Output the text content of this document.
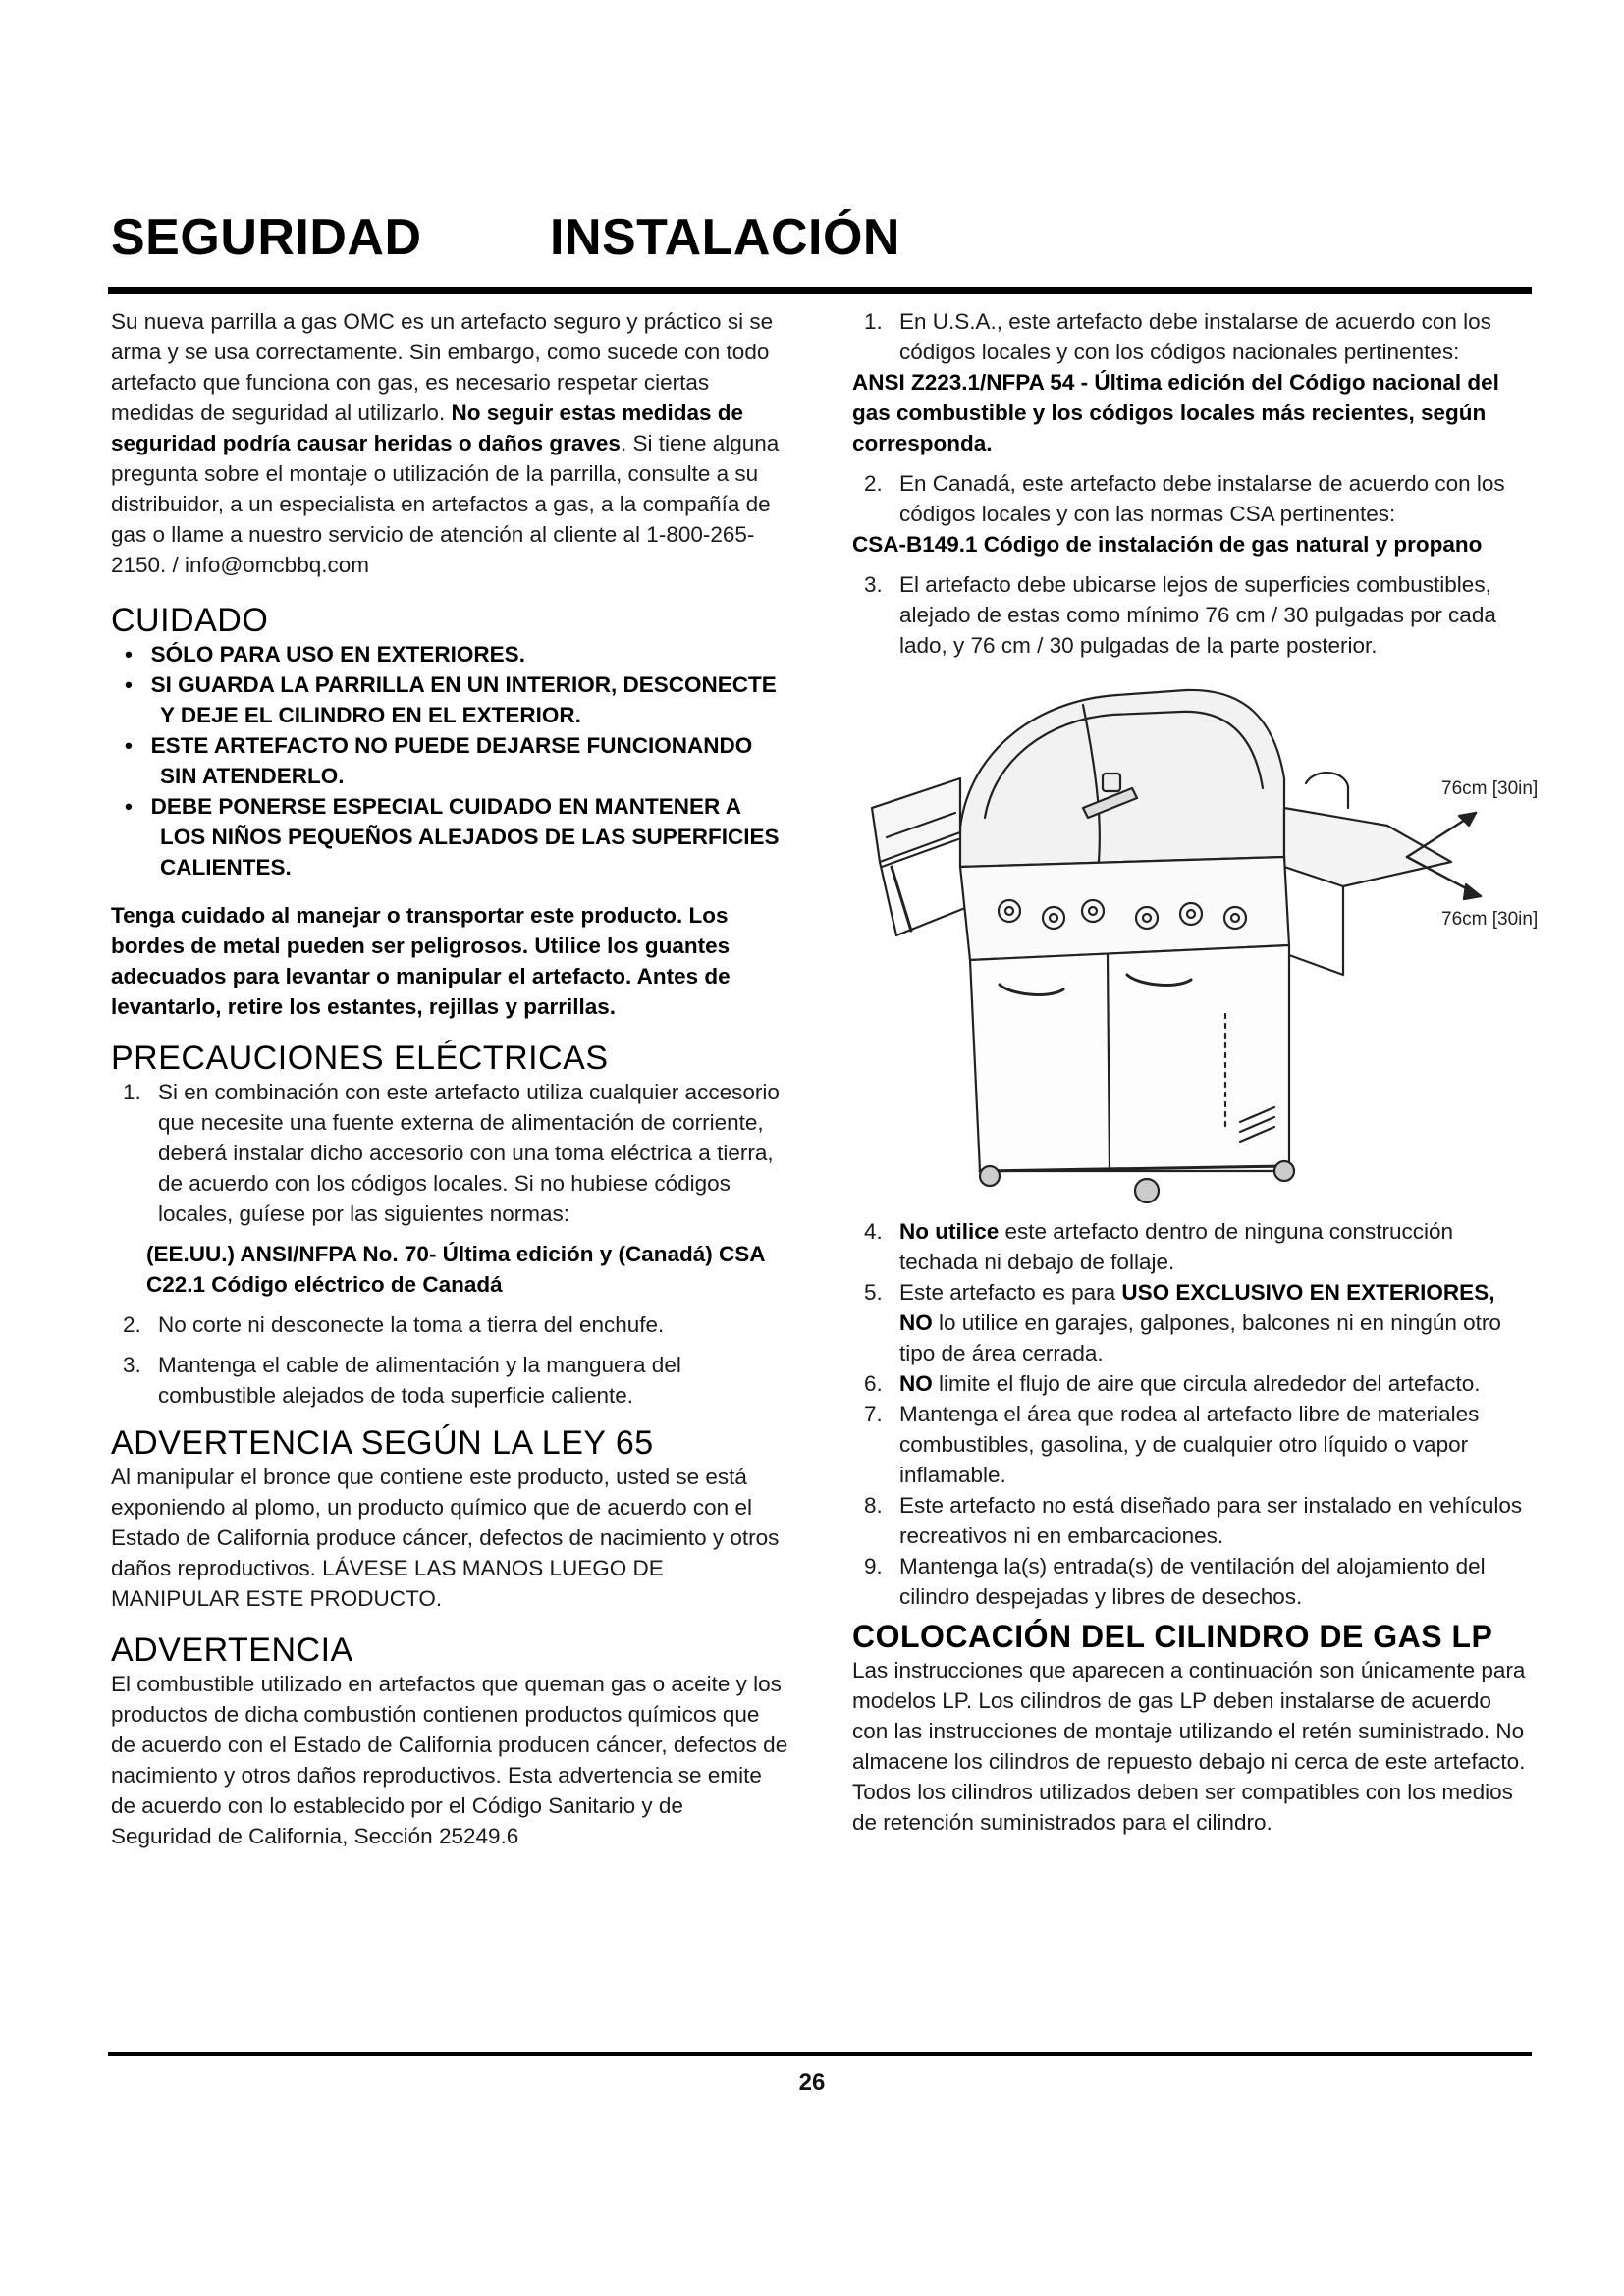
SEGURIDAD	INSTALACIÓN

Su nueva parrilla a gas OMC es un artefacto seguro y práctico si se arma y se usa correctamente. Sin embargo, como sucede con todo artefacto que funciona con gas, es necesario respetar ciertas medidas de seguridad al utilizarlo. No seguir estas medidas de seguridad podría causar heridas o daños graves. Si tiene alguna pregunta sobre el montaje o utilización de la parrilla, consulte a su distribuidor, a un especialista en artefactos a gas, a la compañía de gas o llame a nuestro servicio de atención al cliente al 1-800-265-2150. / info@omcbbq.com

CUIDADO
•   SÓLO PARA USO EN EXTERIORES.
•   SI GUARDA LA PARRILLA EN UN INTERIOR, DESCONECTE Y DEJE EL CILINDRO EN EL EXTERIOR.
•   ESTE ARTEFACTO NO PUEDE DEJARSE FUNCIONANDO SIN ATENDERLO.
•   DEBE PONERSE ESPECIAL CUIDADO EN MANTENER A LOS NIÑOS PEQUEÑOS ALEJADOS DE LAS SUPERFICIES CALIENTES.

Tenga cuidado al manejar o transportar este producto. Los bordes de metal pueden ser peligrosos. Utilice los guantes adecuados para levantar o manipular el artefacto. Antes de levantarlo, retire los estantes, rejillas y parrillas.

PRECAUCIONES ELÉCTRICAS
1. Si en combinación con este artefacto utiliza cualquier accesorio que necesite una fuente externa de alimentación de corriente, deberá instalar dicho accesorio con una toma eléctrica a tierra, de acuerdo con los códigos locales. Si no hubiese códigos locales, guíese por las siguientes normas:

(EE.UU.) ANSI/NFPA No. 70- Última edición y (Canadá) CSA C22.1 Código eléctrico de Canadá

2. No corte ni desconecte la toma a tierra del enchufe.
3. Mantenga el cable de alimentación y la manguera del combustible alejados de toda superficie caliente.
ADVERTENCIA SEGÚN LA LEY 65

Al manipular el bronce que contiene este producto, usted se está exponiendo al plomo, un producto químico que de acuerdo con el Estado de California produce cáncer, defectos de nacimiento y otros daños reproductivos. LÁVESE LAS MANOS LUEGO DE MANIPULAR ESTE PRODUCTO.

ADVERTENCIA

El combustible utilizado en artefactos que queman gas o aceite y los productos de dicha combustión contienen productos químicos que de acuerdo con el Estado de California producen cáncer, defectos de nacimiento y otros daños reproductivos. Esta advertencia se emite de acuerdo con lo establecido por el Código Sanitario y de Seguridad de California, Sección 25249.6

1. En U.S.A., este artefacto debe instalarse de acuerdo con los códigos locales y con los códigos nacionales pertinentes:

ANSI Z223.1/NFPA 54 - Última edición del Código nacional del gas combustible y los códigos locales más recientes, según corresponda.

2. En Canadá, este artefacto debe instalarse de acuerdo con los códigos locales y con las normas CSA pertinentes:

CSA-B149.1 Código de instalación de gas natural y propano

3. El artefacto debe ubicarse lejos de superficies combustibles, alejado de estas como mínimo 76 cm / 30 pulgadas por cada lado, y 76 cm / 30 pulgadas de la parte posterior.
76cm [30in]
76cm [30in]
4. No utilice este artefacto dentro de ninguna construcción techada ni debajo de follaje.
5. Este artefacto es para USO EXCLUSIVO EN EXTERIORES, NO lo utilice en garajes, galpones, balcones ni en ningún otro tipo de área cerrada.
6. NO limite el flujo de aire que circula alrededor del artefacto.
7. Mantenga el área que rodea al artefacto libre de materiales combustibles, gasolina, y de cualquier otro líquido o vapor inflamable.
8. Este artefacto no está diseñado para ser instalado en vehículos recreativos ni en embarcaciones.
9. Mantenga la(s) entrada(s) de ventilación del alojamiento del cilindro despejadas y libres de desechos.
COLOCACIÓN DEL CILINDRO DE GAS LP

Las instrucciones que aparecen a continuación son únicamente para modelos LP. Los cilindros de gas LP deben instalarse de acuerdo con las instrucciones de montaje utilizando el retén suministrado. No almacene los cilindros de repuesto debajo ni cerca de este artefacto. Todos los cilindros utilizados deben ser compatibles con los medios de retención suministrados para el cilindro.

26
